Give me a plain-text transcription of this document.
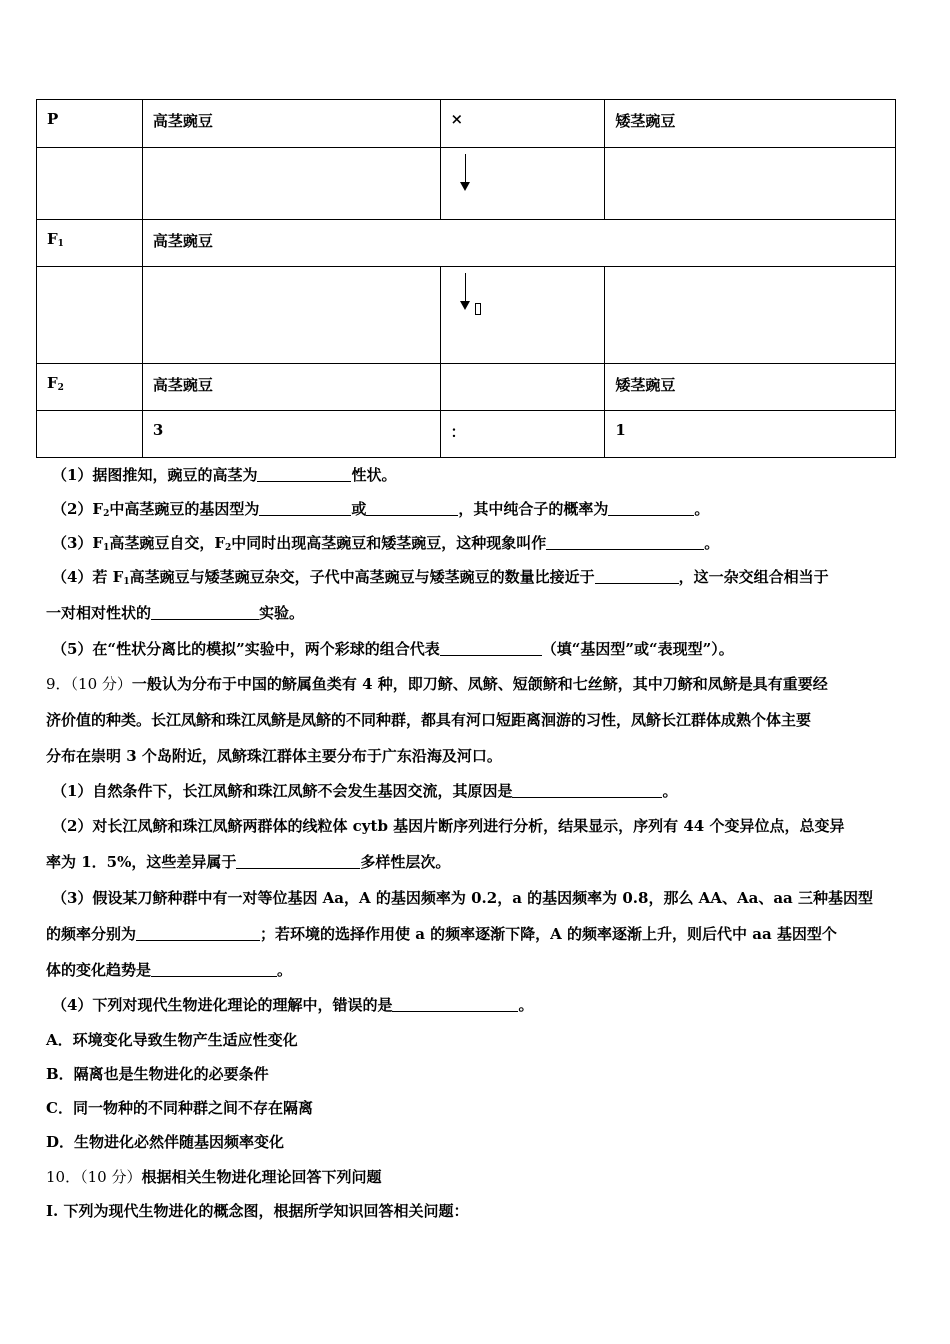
P	高茎豌豆	×	矮茎豌豆

$F_1$	高茎豌豆		

$F_2$	高茎豌豆		矮茎豌豆

	3	：	1
（1）据图推知，豌豆的高茎为	性状。
$(2)F_2$中高茎豌豆的基因型为	或	，其中纯合子的概率为	。
$(3)F_1$高茎豌豆自交，$F_2$中同时出现高茎豌豆和矮茎豌豆，这种现象叫作	。
（4）若 $F_1$高茎豌豆与矮茎豌豆杂交，子代中高茎豌豆与矮茎豌豆的数量比接近于	，这一杂交组合相当于
一对相对性状的	实验。
（5）在“性状分离比的模拟”实验中，两个彩球的组合代表	（填“基因型”或“表现型”）。
9．（10 分）一般认为分布于中国的鲚属鱼类有 4 种，即刀鲚、凤鲚、短颌鲚和七丝鲚，其中刀鲚和凤鲚是具有重要经
济价值的种类。长江凤鲚和珠江凤鲚是凤鲚的不同种群，都具有河口短距离洄游的习性，凤鲚长江群体成熟个体主要
分布在崇明 3 个岛附近，凤鲚珠江群体主要分布于广东沿海及河口。
（1）自然条件下，长江凤鲚和珠江凤鲚不会发生基因交流，其原因是	。
（2）对长江凤鲚和珠江凤鲚两群体的线粒体 cytb 基因片断序列进行分析，结果显示，序列有 44 个变异位点，总变异
率为 1．5%，这些差异属于	多样性层次。
（3）假设某刀鲚种群中有一对等位基因 Aa，A 的基因频率为 0.2，a 的基因频率为 0.8，那么 AA、Aa、aa 三种基因型
的频率分别为	；若环境的选择作用使 a 的频率逐渐下降，A 的频率逐渐上升，则后代中 aa 基因型个
体的变化趋势是	。
（4）下列对现代生物进化理论的理解中，错误的是	。
A．环境变化导致生物产生适应性变化
B．隔离也是生物进化的必要条件
C．同一物种的不同种群之间不存在隔离
D．生物进化必然伴随基因频率变化
10．（10 分）根据相关生物进化理论回答下列问题
I. 下列为现代生物进化的概念图，根据所学知识回答相关问题：
